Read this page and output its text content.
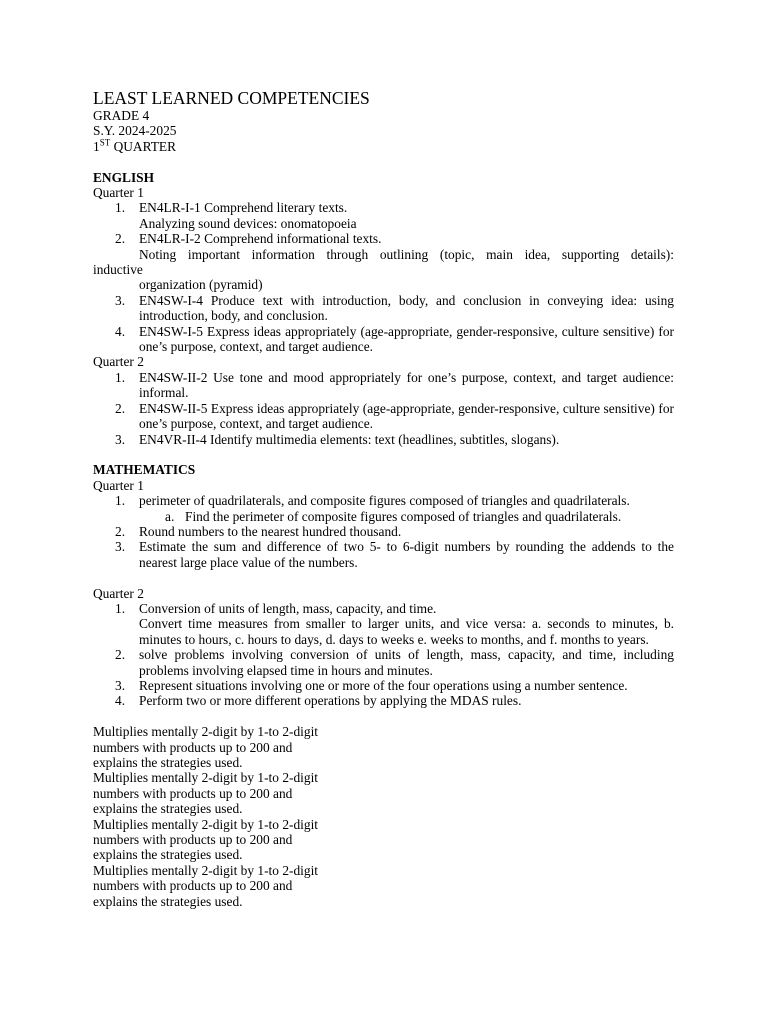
LEAST LEARNED COMPETENCIES
GRADE 4
S.Y. 2024-2025
1ST QUARTER
ENGLISH
Quarter 1
1. EN4LR-I-1 Comprehend literary texts.
Analyzing sound devices: onomatopoeia
2. EN4LR-I-2 Comprehend informational texts.
Noting important information through outlining (topic, main idea, supporting details):
inductive
organization (pyramid)
3. EN4SW-I-4 Produce text with introduction, body, and conclusion in conveying idea: using introduction, body, and conclusion.
4. EN4SW-I-5 Express ideas appropriately (age-appropriate, gender-responsive, culture sensitive) for one’s purpose, context, and target audience.
Quarter 2
1. EN4SW-II-2 Use tone and mood appropriately for one’s purpose, context, and target audience: informal.
2. EN4SW-II-5 Express ideas appropriately (age-appropriate, gender-responsive, culture sensitive) for one’s purpose, context, and target audience.
3. EN4VR-II-4 Identify multimedia elements: text (headlines, subtitles, slogans).
MATHEMATICS
Quarter 1
1. perimeter of quadrilaterals, and composite figures composed of triangles and quadrilaterals.
a. Find the perimeter of composite figures composed of triangles and quadrilaterals.
2. Round numbers to the nearest hundred thousand.
3. Estimate the sum and difference of two 5- to 6-digit numbers by rounding the addends to the nearest large place value of the numbers.
Quarter 2
1. Conversion of units of length, mass, capacity, and time.
Convert time measures from smaller to larger units, and vice versa: a. seconds to minutes, b. minutes to hours, c. hours to days, d. days to weeks e. weeks to months, and f. months to years.
2. solve problems involving conversion of units of length, mass, capacity, and time, including problems involving elapsed time in hours and minutes.
3. Represent situations involving one or more of the four operations using a number sentence.
4. Perform two or more different operations by applying the MDAS rules.
Multiplies mentally 2-digit by 1-to 2-digit
numbers with products up to 200 and
explains the strategies used.
Multiplies mentally 2-digit by 1-to 2-digit
numbers with products up to 200 and
explains the strategies used.
Multiplies mentally 2-digit by 1-to 2-digit
numbers with products up to 200 and
explains the strategies used.
Multiplies mentally 2-digit by 1-to 2-digit
numbers with products up to 200 and
explains the strategies used.
